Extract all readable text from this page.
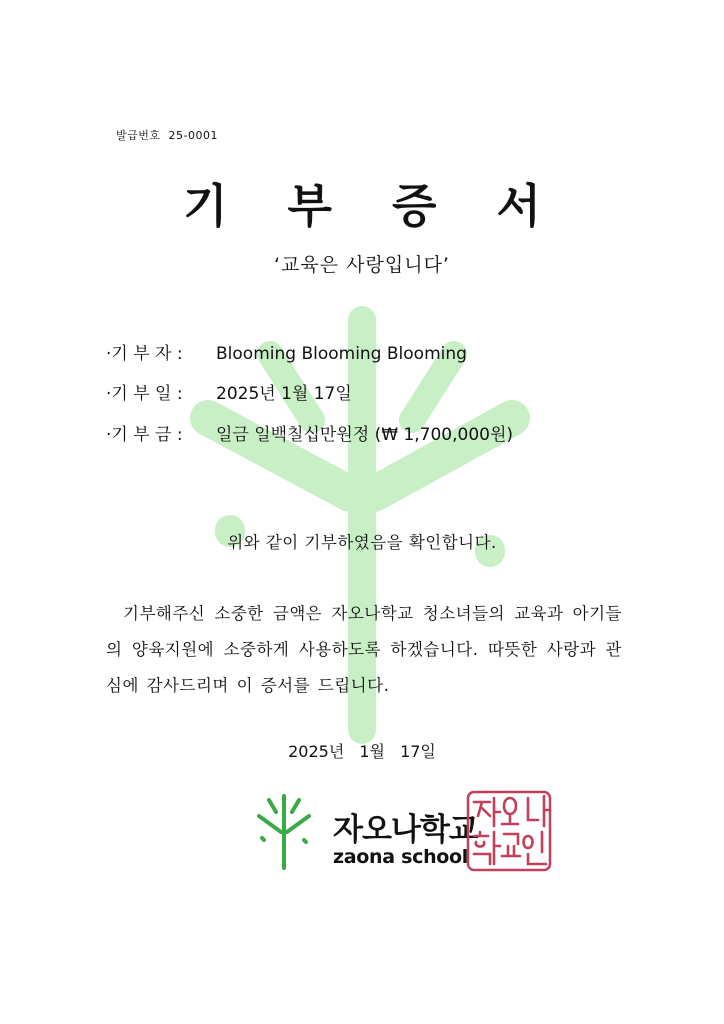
발급번호 25-0001
기 부 증 서
‘교육은 사랑입니다’
·기 부 자 : Blooming Blooming Blooming
·기 부 일 : 2025년 1월 17일
·기 부 금 : 일금 일백칠십만원정 (₩ 1,700,000원)
위와 같이 기부하였음을 확인합니다.

기부해주신 소중한 금액은 자오나학교 청소녀들의 교육과 아기들의 양육지원에 소중하게 사용하도록 하겠습니다. 따뜻한 사랑과 관심에 감사드리며 이 증서를 드립니다.

2025년 1월 17일
자오나학교
zaona school
